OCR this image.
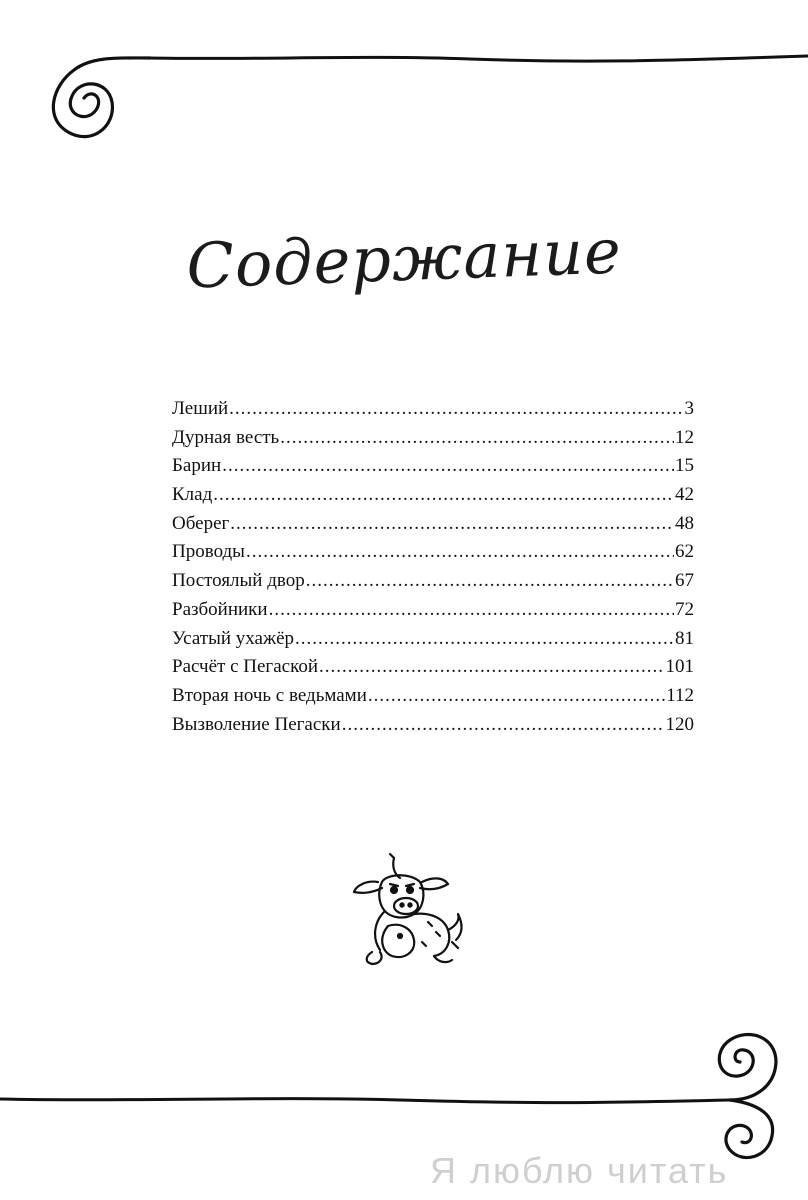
Содержание
Леший .....	3
Дурная весть .....	12
Барин .....	15
Клад .....	42
Оберег .....	48
Проводы .....	62
Постоялый двор .....	67
Разбойники .....	72
Усатый ухажёр .....	81
Расчёт с Пегаской .....	101
Вторая ночь с ведьмами .....	112
Вызволение Пегаски .....	120
Я люблю читать
